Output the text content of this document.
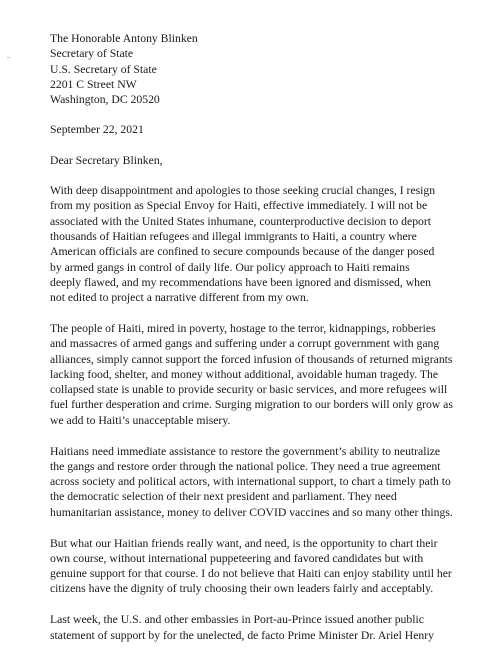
The Honorable Antony Blinken
Secretary of State
U.S. Secretary of State
2201 C Street NW
Washington, DC 20520
September 22, 2021
Dear Secretary Blinken,
With deep disappointment and apologies to those seeking crucial changes, I resign
from my position as Special Envoy for Haiti, effective immediately. I will not be
associated with the United States inhumane, counterproductive decision to deport
thousands of Haitian refugees and illegal immigrants to Haiti, a country where
American officials are confined to secure compounds because of the danger posed
by armed gangs in control of daily life. Our policy approach to Haiti remains
deeply flawed, and my recommendations have been ignored and dismissed, when
not edited to project a narrative different from my own.
The people of Haiti, mired in poverty, hostage to the terror, kidnappings, robberies
and massacres of armed gangs and suffering under a corrupt government with gang
alliances, simply cannot support the forced infusion of thousands of returned migrants
lacking food, shelter, and money without additional, avoidable human tragedy. The
collapsed state is unable to provide security or basic services, and more refugees will
fuel further desperation and crime. Surging migration to our borders will only grow as
we add to Haiti’s unacceptable misery.
Haitians need immediate assistance to restore the government’s ability to neutralize
the gangs and restore order through the national police. They need a true agreement
across society and political actors, with international support, to chart a timely path to
the democratic selection of their next president and parliament. They need
humanitarian assistance, money to deliver COVID vaccines and so many other things.
But what our Haitian friends really want, and need, is the opportunity to chart their
own course, without international puppeteering and favored candidates but with
genuine support for that course. I do not believe that Haiti can enjoy stability until her
citizens have the dignity of truly choosing their own leaders fairly and acceptably.
Last week, the U.S. and other embassies in Port-au-Prince issued another public
statement of support by for the unelected, de facto Prime Minister Dr. Ariel Henry
